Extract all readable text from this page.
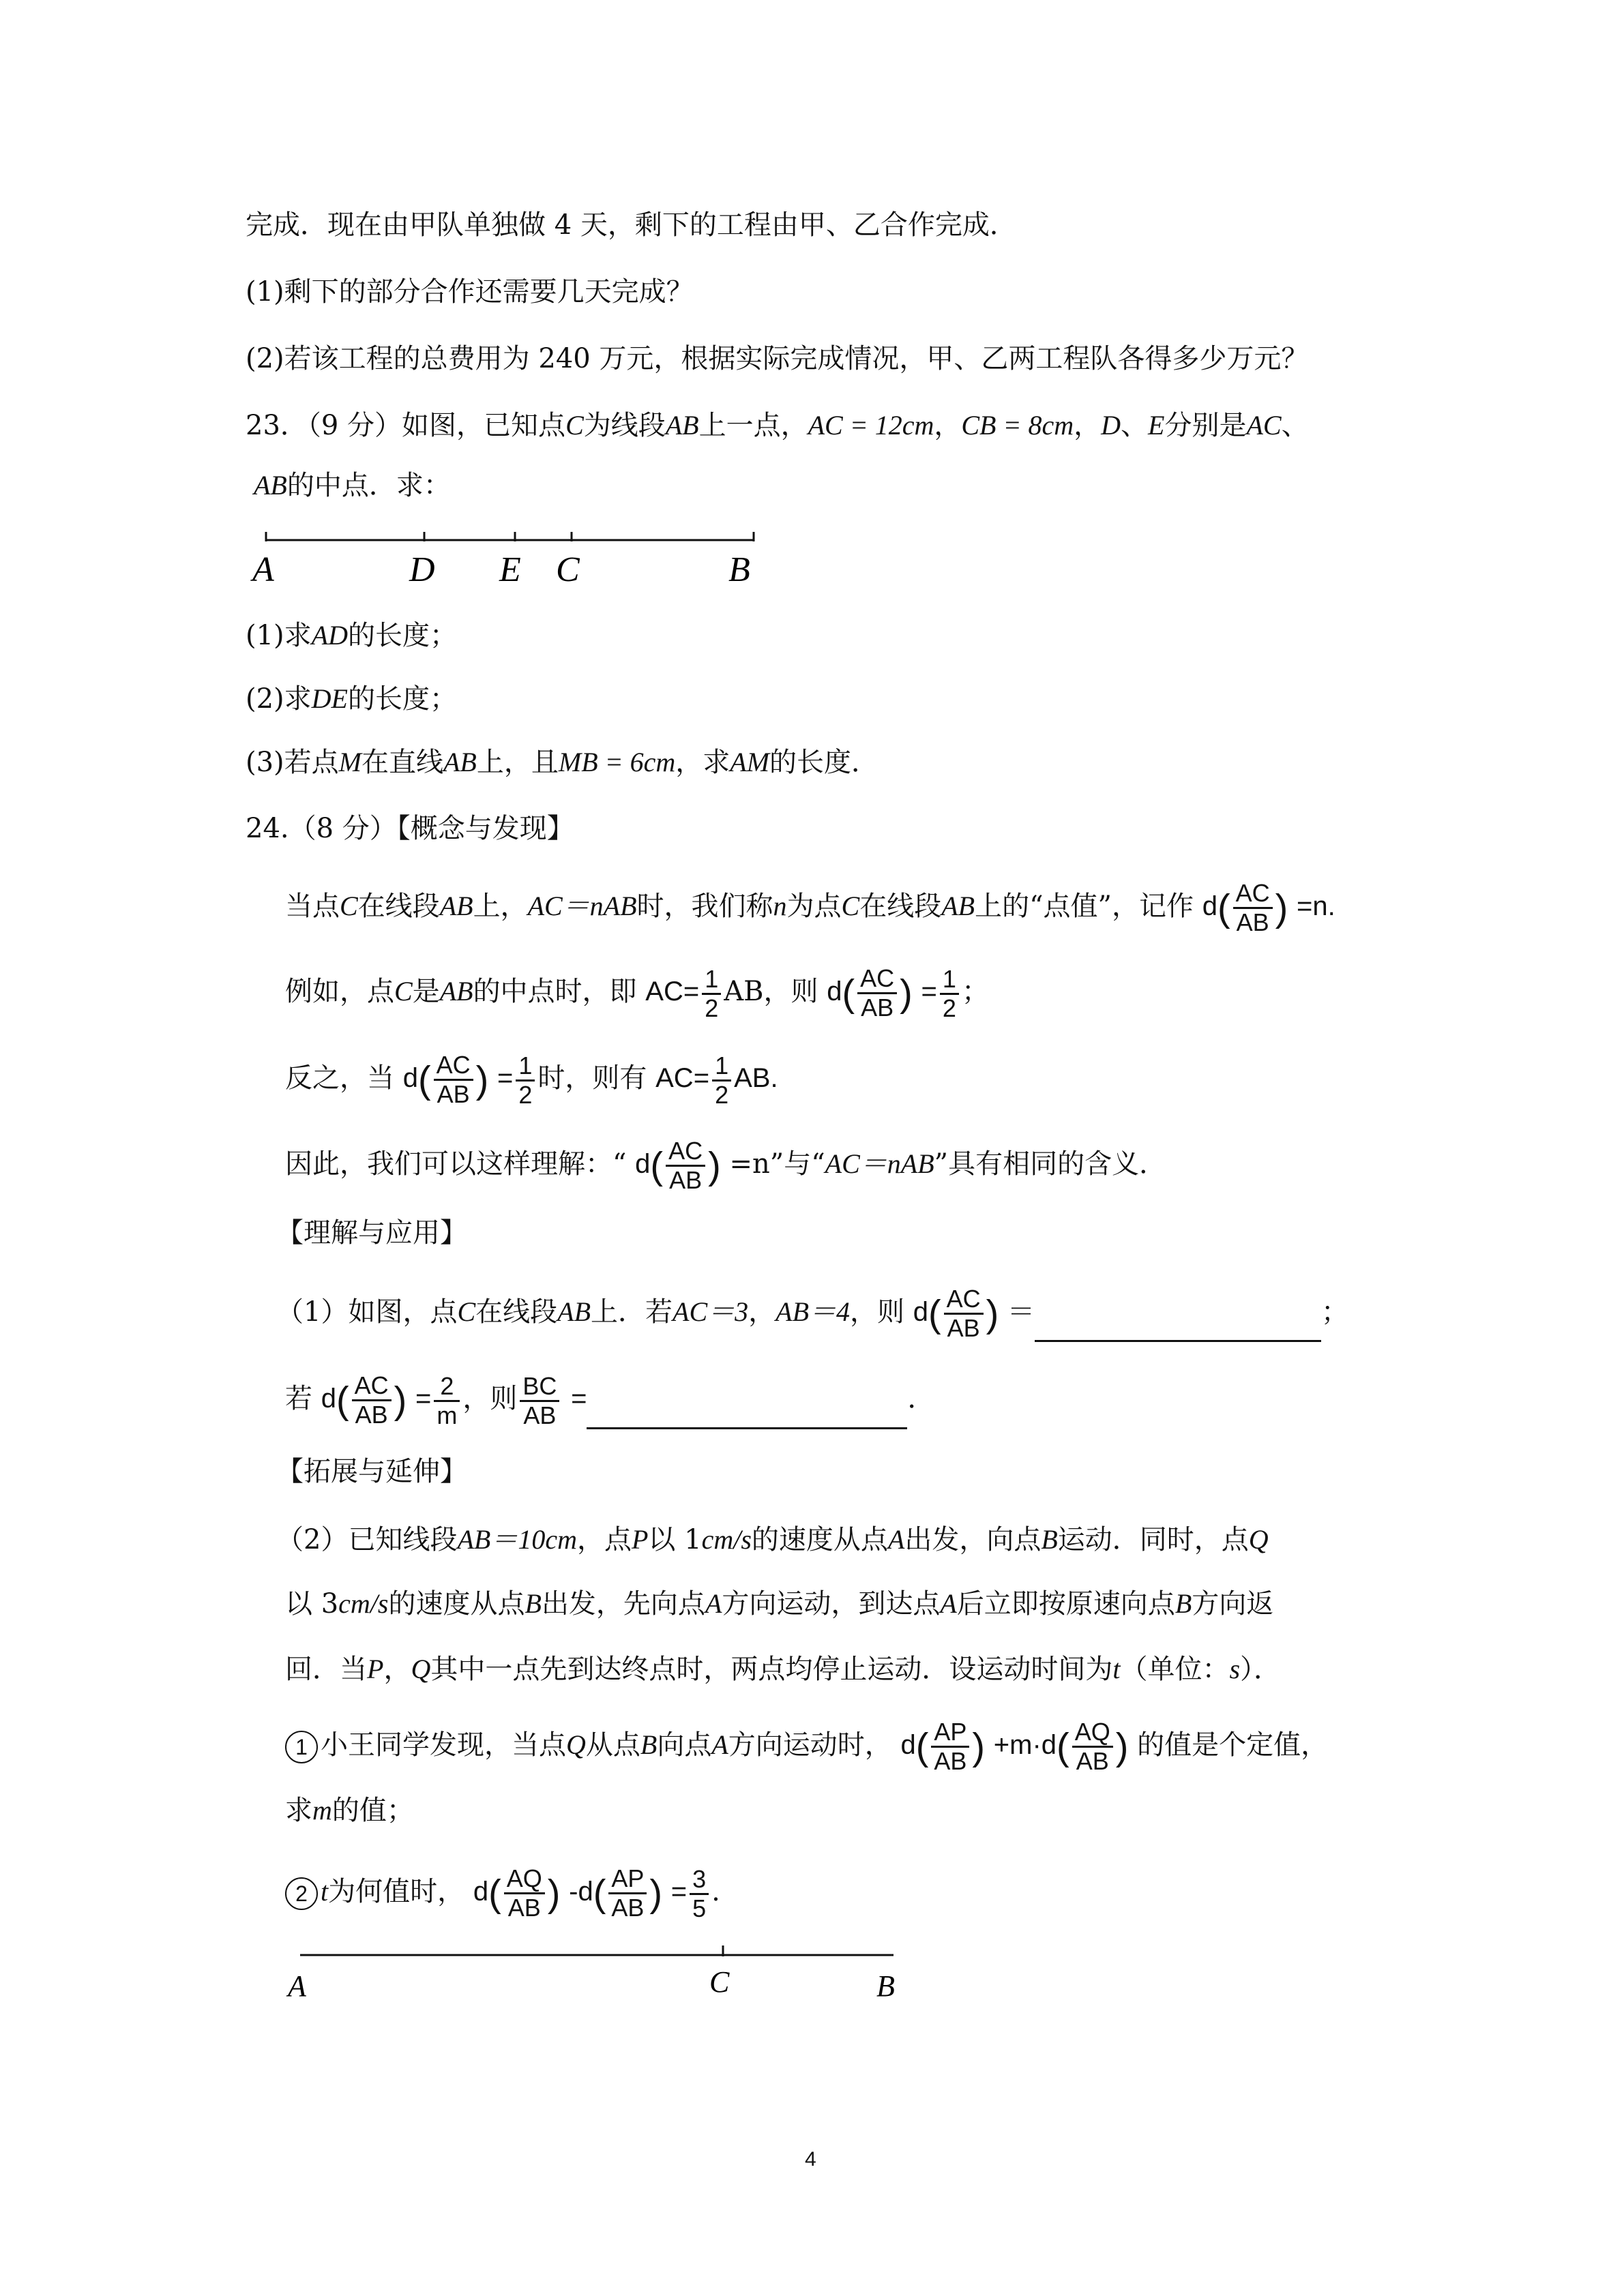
完成．现在由甲队单独做 4 天，剩下的工程由甲、乙合作完成．
(1)剩下的部分合作还需要几天完成？
(2)若该工程的总费用为 240 万元，根据实际完成情况，甲、乙两工程队各得多少万元？
23．（9 分）如图，已知点C为线段AB上一点，AC = 12cm，CB = 8cm，D、E分别是AC、
AB的中点．求：
A	D E C	B
(1)求AD的长度；
(2)求DE的长度；
(3)若点M在直线AB上，且MB = 6cm，求AM的长度．
24.（8 分）【概念与发现】
当点C在线段AB上，AC＝nAB时，我们称n为点C在线段AB上的“点值”，记作 $d( \frac{AC}{AB}$ ) =n.
例如，点C是AB的中点时，即 $AC= \frac{1}{2}$ AB，则 $d( \frac{AC}{AB}$ ) = $\frac{1}{2}$ ；
反之，当 $d( \frac{AC}{AB}$ ) = $\frac{1}{2}$ 时，则有 $AC= \frac{1}{2}$ AB.
因此，我们可以这样理解：“ $d( \frac{AC}{AB}$ ) =n”与“AC＝nAB”具有相同的含义．
【理解与应用】
（1）如图，点C在线段AB上．若AC＝3，AB＝4，则 $d( \frac{AC}{AB}$ ) ＝	；
若 $d( \frac{AC}{AB}$ ) = $\frac{2}{m}$ ，则 $\frac{BC}{AB}$ =	．
【拓展与延伸】
（2）已知线段AB＝10cm，点P以 1cm/s的速度从点A出发，向点B运动．同时，点Q
以 3cm/s的速度从点B出发，先向点A方向运动，到达点A后立即按原速向点B方向返
回．当P，Q其中一点先到达终点时，两点均停止运动．设运动时间为t（单位：s）．
1 小王同学发现，当点Q从点B向点A方向运动时， $d( \frac{AP}{AB}$ ) $+m\cdot d( \frac{AQ}{AB}$ ) 的值是个定值，
求m的值；
2 t为何值时， $d( \frac{AQ}{AB}$ ) $-d( \frac{AP}{AB}$ ) = $\frac{3}{5}$ .
A	C	B
4
